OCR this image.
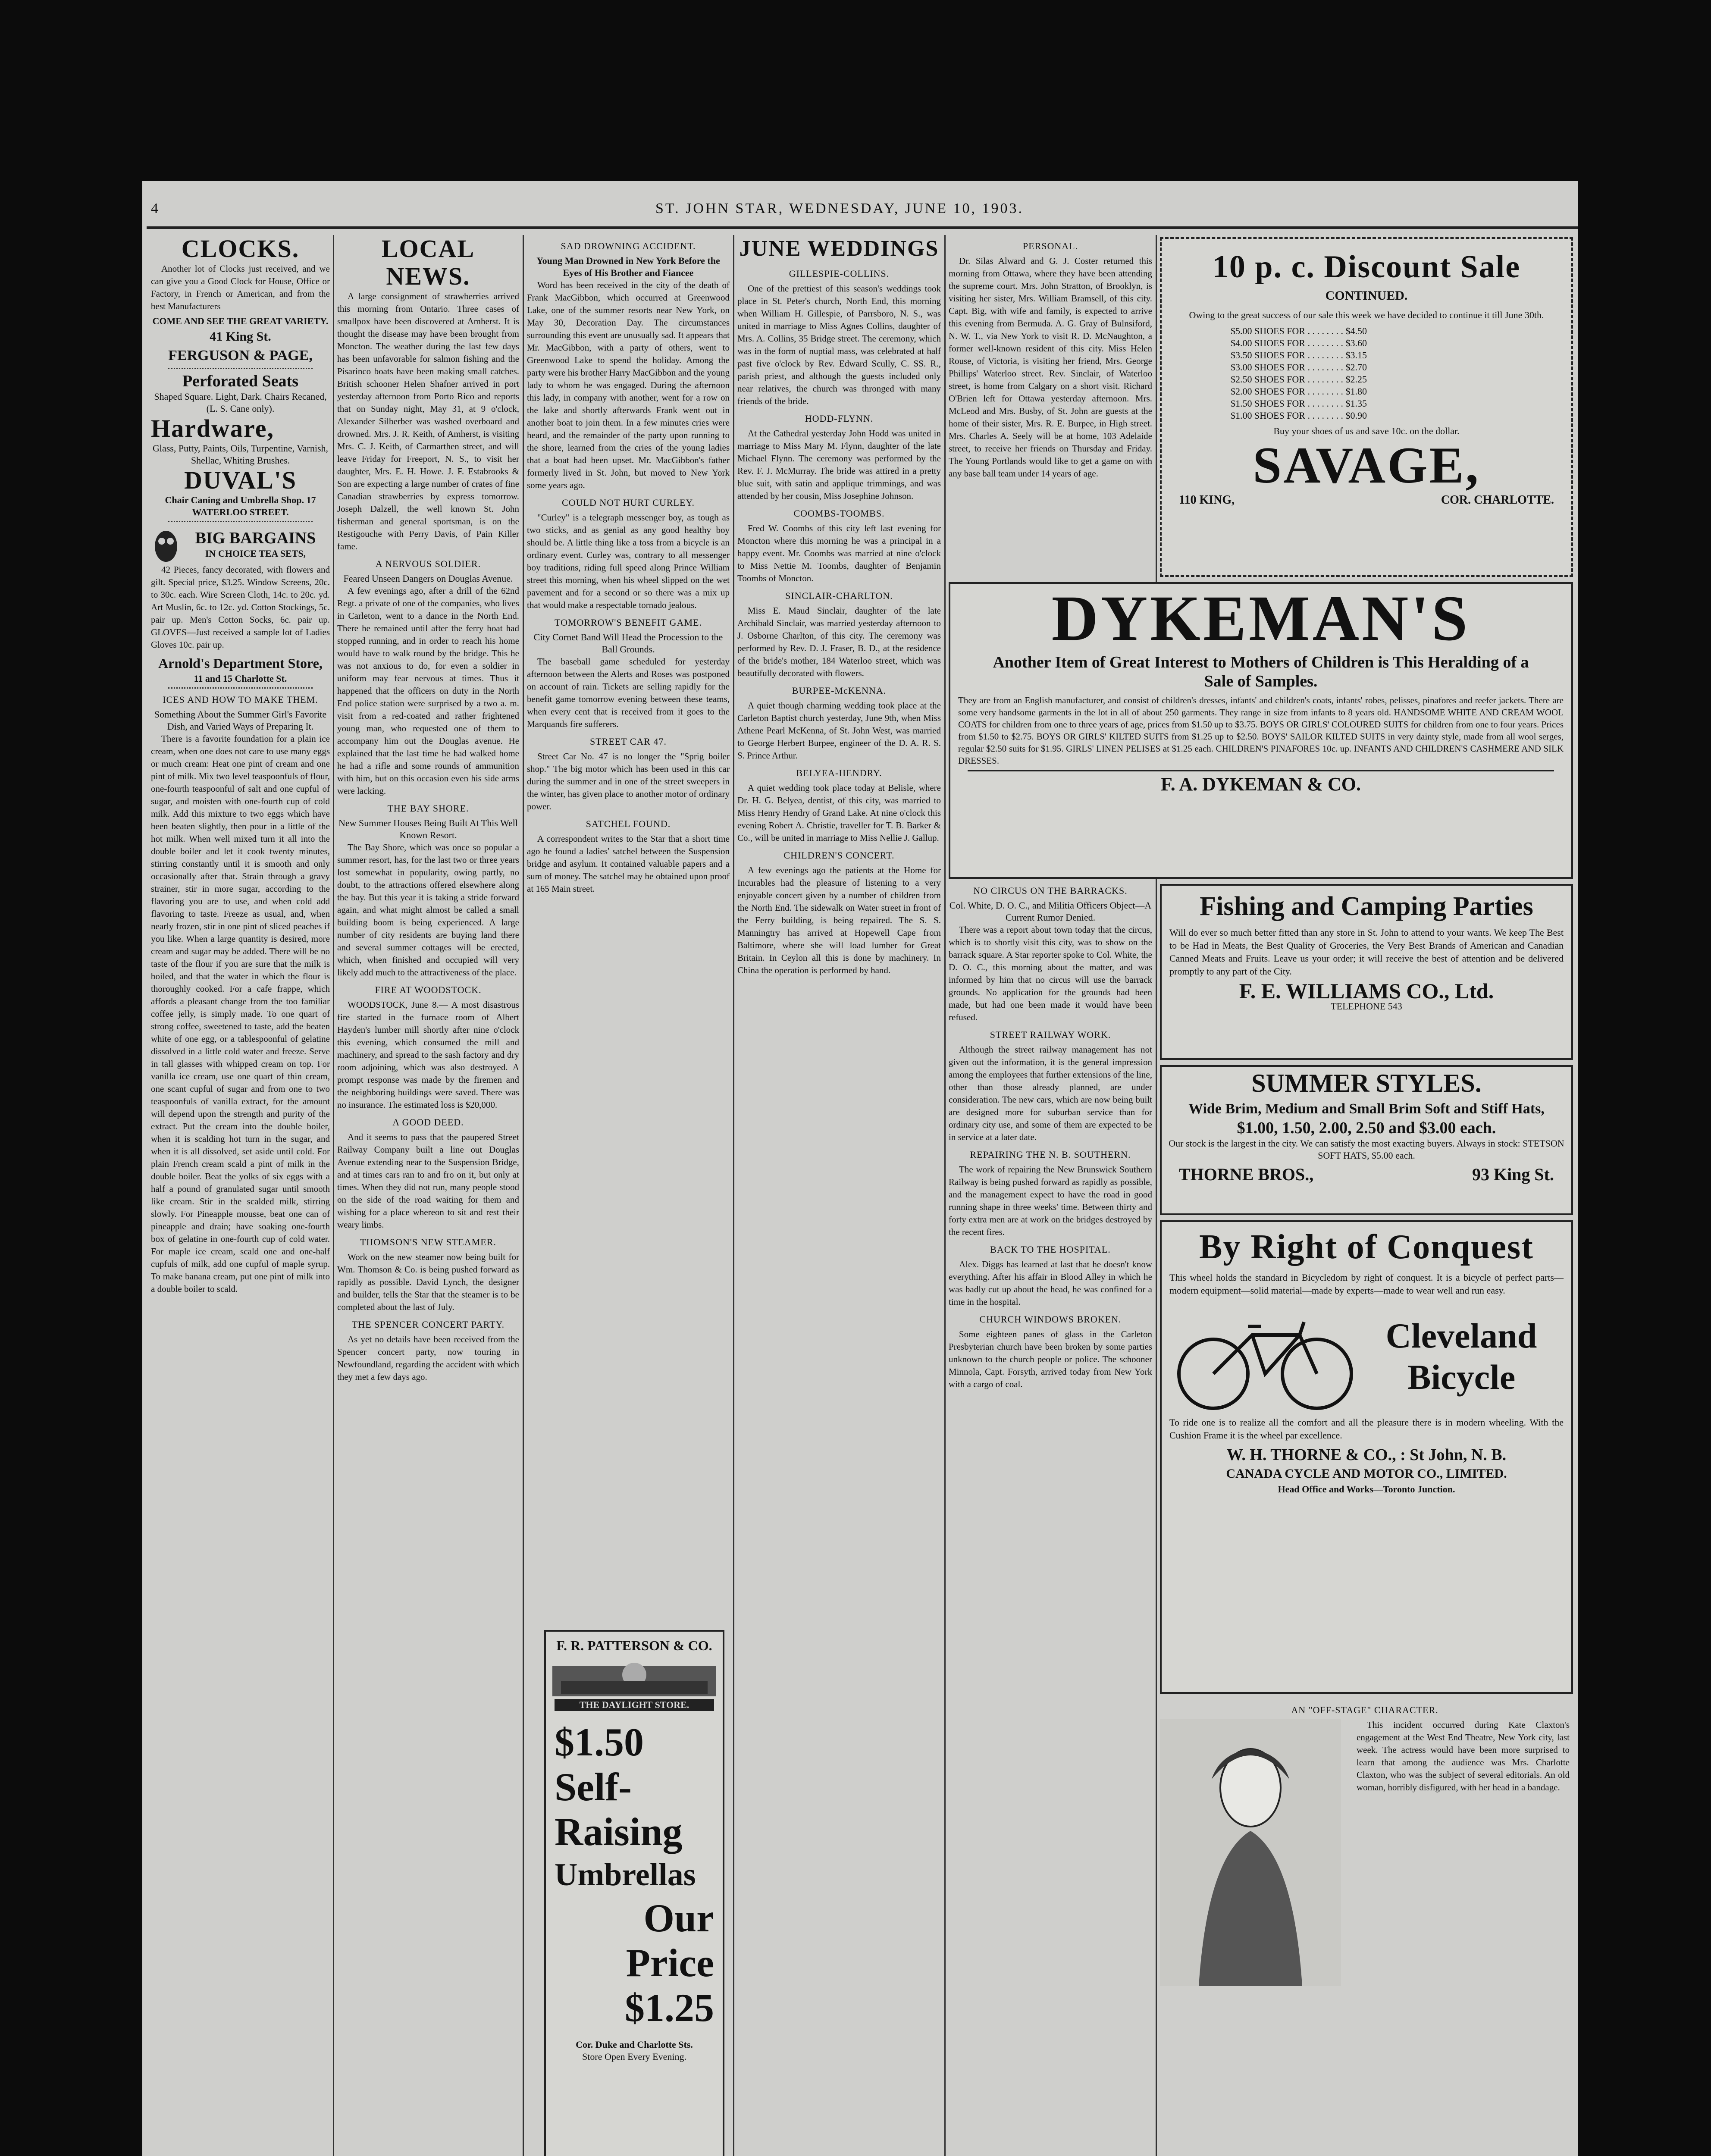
4	ST. JOHN STAR, WEDNESDAY, JUNE 10, 1903.
CLOCKS.

Another lot of Clocks just received, and we can give you a Good Clock for House, Office or Factory, in French or American, and from the best Manufacturers

COME AND SEE THE GREAT VARIETY.
41 King St.
FERGUSON & PAGE,
Perforated Seats
Shaped Square. Light, Dark. Chairs Recaned, (L. S. Cane only).
Hardware,
Glass, Putty, Paints, Oils, Turpentine, Varnish, Shellac, Whiting Brushes.
DUVAL'S
Chair Caning and Umbrella Shop. 17 WATERLOO STREET.
BIG BARGAINS
IN CHOICE TEA SETS,

42 Pieces, fancy decorated, with flowers and gilt. Special price, $3.25. Window Screens, 20c. to 30c. each. Wire Screen Cloth, 14c. to 20c. yd. Art Muslin, 6c. to 12c. yd. Cotton Stockings, 5c. pair up. Men's Cotton Socks, 6c. pair up. GLOVES—Just received a sample lot of Ladies Gloves 10c. pair up.

Arnold's Department Store,
11 and 15 Charlotte St.
ICES AND HOW TO MAKE THEM.
Something About the Summer Girl's Favorite Dish, and Varied Ways of Preparing It.

There is a favorite foundation for a plain ice cream, when one does not care to use many eggs or much cream: Heat one pint of cream and one pint of milk. Mix two level teaspoonfuls of flour, one-fourth teaspoonful of salt and one cupful of sugar, and moisten with one-fourth cup of cold milk. Add this mixture to two eggs which have been beaten slightly, then pour in a little of the hot milk. When well mixed turn it all into the double boiler and let it cook twenty minutes, stirring constantly until it is smooth and only occasionally after that. Strain through a gravy strainer, stir in more sugar, according to the flavoring you are to use, and when cold add flavoring to taste. Freeze as usual, and, when nearly frozen, stir in one pint of sliced peaches if you like. When a large quantity is desired, more cream and sugar may be added. There will be no taste of the flour if you are sure that the milk is boiled, and that the water in which the flour is thoroughly cooked. For a cafe frappe, which affords a pleasant change from the too familiar coffee jelly, is simply made. To one quart of strong coffee, sweetened to taste, add the beaten white of one egg, or a tablespoonful of gelatine dissolved in a little cold water and freeze. Serve in tall glasses with whipped cream on top. For vanilla ice cream, use one quart of thin cream, one scant cupful of sugar and from one to two teaspoonfuls of vanilla extract, for the amount will depend upon the strength and purity of the extract. Put the cream into the double boiler, when it is scalding hot turn in the sugar, and when it is all dissolved, set aside until cold. For plain French cream scald a pint of milk in the double boiler. Beat the yolks of six eggs with a half a pound of granulated sugar until smooth like cream. Stir in the scalded milk, stirring slowly. For Pineapple mousse, beat one can of pineapple and drain; have soaking one-fourth box of gelatine in one-fourth cup of cold water. For maple ice cream, scald one and one-half cupfuls of milk, add one cupful of maple syrup. To make banana cream, put one pint of milk into a double boiler to scald.

LOCAL NEWS.

A large consignment of strawberries arrived this morning from Ontario. Three cases of smallpox have been discovered at Amherst. It is thought the disease may have been brought from Moncton. The weather during the last few days has been unfavorable for salmon fishing and the Pisarinco boats have been making small catches. British schooner Helen Shafner arrived in port yesterday afternoon from Porto Rico and reports that on Sunday night, May 31, at 9 o'clock, Alexander Silberber was washed overboard and drowned. Mrs. J. R. Keith, of Amherst, is visiting Mrs. C. J. Keith, of Carmarthen street, and will leave Friday for Freeport, N. S., to visit her daughter, Mrs. E. H. Howe. J. F. Estabrooks & Son are expecting a large number of crates of fine Canadian strawberries by express tomorrow. Joseph Dalzell, the well known St. John fisherman and general sportsman, is on the Restigouche with Perry Davis, of Pain Killer fame.

A NERVOUS SOLDIER.
Feared Unseen Dangers on Douglas Avenue.

A few evenings ago, after a drill of the 62nd Regt. a private of one of the companies, who lives in Carleton, went to a dance in the North End. There he remained until after the ferry boat had stopped running, and in order to reach his home would have to walk round by the bridge. This he was not anxious to do, for even a soldier in uniform may fear nervous at times. Thus it happened that the officers on duty in the North End police station were surprised by a two a. m. visit from a red-coated and rather frightened young man, who requested one of them to accompany him out the Douglas avenue. He explained that the last time he had walked home he had a rifle and some rounds of ammunition with him, but on this occasion even his side arms were lacking.

THE BAY SHORE.
New Summer Houses Being Built At This Well Known Resort.

The Bay Shore, which was once so popular a summer resort, has, for the last two or three years lost somewhat in popularity, owing partly, no doubt, to the attractions offered elsewhere along the bay. But this year it is taking a stride forward again, and what might almost be called a small building boom is being experienced. A large number of city residents are buying land there and several summer cottages will be erected, which, when finished and occupied will very likely add much to the attractiveness of the place.

FIRE AT WOODSTOCK.

WOODSTOCK, June 8.— A most disastrous fire started in the furnace room of Albert Hayden's lumber mill shortly after nine o'clock this evening, which consumed the mill and machinery, and spread to the sash factory and dry room adjoining, which was also destroyed. A prompt response was made by the firemen and the neighboring buildings were saved. There was no insurance. The estimated loss is $20,000.

A GOOD DEED.

And it seems to pass that the paupered Street Railway Company built a line out Douglas Avenue extending near to the Suspension Bridge, and at times cars ran to and fro on it, but only at times. When they did not run, many people stood on the side of the road waiting for them and wishing for a place whereon to sit and rest their weary limbs.

THOMSON'S NEW STEAMER.

Work on the new steamer now being built for Wm. Thomson & Co. is being pushed forward as rapidly as possible. David Lynch, the designer and builder, tells the Star that the steamer is to be completed about the last of July.

THE SPENCER CONCERT PARTY.

As yet no details have been received from the Spencer concert party, now touring in Newfoundland, regarding the accident with which they met a few days ago.

SAD DROWNING ACCIDENT.
Young Man Drowned in New York Before the Eyes of His Brother and Fiancee

Word has been received in the city of the death of Frank MacGibbon, which occurred at Greenwood Lake, one of the summer resorts near New York, on May 30, Decoration Day. The circumstances surrounding this event are unusually sad. It appears that Mr. MacGibbon, with a party of others, went to Greenwood Lake to spend the holiday. Among the party were his brother Harry MacGibbon and the young lady to whom he was engaged. During the afternoon this lady, in company with another, went for a row on the lake and shortly afterwards Frank went out in another boat to join them. In a few minutes cries were heard, and the remainder of the party upon running to the shore, learned from the cries of the young ladies that a boat had been upset. Mr. MacGibbon's father formerly lived in St. John, but moved to New York some years ago.

COULD NOT HURT CURLEY.

"Curley" is a telegraph messenger boy, as tough as two sticks, and as genial as any good healthy boy should be. A little thing like a toss from a bicycle is an ordinary event. Curley was, contrary to all messenger boy traditions, riding full speed along Prince William street this morning, when his wheel slipped on the wet pavement and for a second or so there was a mix up that would make a respectable tornado jealous.

TOMORROW'S BENEFIT GAME.
City Cornet Band Will Head the Procession to the Ball Grounds.

The baseball game scheduled for yesterday afternoon between the Alerts and Roses was postponed on account of rain. Tickets are selling rapidly for the benefit game tomorrow evening between these teams, when every cent that is received from it goes to the Marquands fire sufferers.

STREET CAR 47.

Street Car No. 47 is no longer the "Sprig boiler shop." The big motor which has been used in this car during the summer and in one of the street sweepers in the winter, has given place to another motor of ordinary power.

SATCHEL FOUND.

A correspondent writes to the Star that a short time ago he found a ladies' satchel between the Suspension bridge and asylum. It contained valuable papers and a sum of money. The satchel may be obtained upon proof at 165 Main street.

F. R. PATTERSON & CO.
THE DAYLIGHT STORE.
$1.50
Self-
Raising
Umbrellas
Our
Price
$1.25
Cor. Duke and Charlotte Sts.
Store Open Every Evening.
JUNE WEDDINGS
GILLESPIE-COLLINS.

One of the prettiest of this season's weddings took place in St. Peter's church, North End, this morning when William H. Gillespie, of Parrsboro, N. S., was united in marriage to Miss Agnes Collins, daughter of Mrs. A. Collins, 35 Bridge street. The ceremony, which was in the form of nuptial mass, was celebrated at half past five o'clock by Rev. Edward Scully, C. SS. R., parish priest, and although the guests included only near relatives, the church was thronged with many friends of the bride.

HODD-FLYNN.

At the Cathedral yesterday John Hodd was united in marriage to Miss Mary M. Flynn, daughter of the late Michael Flynn. The ceremony was performed by the Rev. F. J. McMurray. The bride was attired in a pretty blue suit, with satin and applique trimmings, and was attended by her cousin, Miss Josephine Johnson.

COOMBS-TOOMBS.

Fred W. Coombs of this city left last evening for Moncton where this morning he was a principal in a happy event. Mr. Coombs was married at nine o'clock to Miss Nettie M. Toombs, daughter of Benjamin Toombs of Moncton.

SINCLAIR-CHARLTON.

Miss E. Maud Sinclair, daughter of the late Archibald Sinclair, was married yesterday afternoon to J. Osborne Charlton, of this city. The ceremony was performed by Rev. D. J. Fraser, B. D., at the residence of the bride's mother, 184 Waterloo street, which was beautifully decorated with flowers.

BURPEE-McKENNA.

A quiet though charming wedding took place at the Carleton Baptist church yesterday, June 9th, when Miss Athene Pearl McKenna, of St. John West, was married to George Herbert Burpee, engineer of the D. A. R. S. S. Prince Arthur.

BELYEA-HENDRY.

A quiet wedding took place today at Belisle, where Dr. H. G. Belyea, dentist, of this city, was married to Miss Henry Hendry of Grand Lake. At nine o'clock this evening Robert A. Christie, traveller for T. B. Barker & Co., will be united in marriage to Miss Nellie J. Gallup.

CHILDREN'S CONCERT.

A few evenings ago the patients at the Home for Incurables had the pleasure of listening to a very enjoyable concert given by a number of children from the North End. The sidewalk on Water street in front of the Ferry building, is being repaired. The S. S. Manningtry has arrived at Hopewell Cape from Baltimore, where she will load lumber for Great Britain. In Ceylon all this is done by machinery. In China the operation is performed by hand.

PERSONAL.

Dr. Silas Alward and G. J. Coster returned this morning from Ottawa, where they have been attending the supreme court. Mrs. John Stratton, of Brooklyn, is visiting her sister, Mrs. William Bramsell, of this city. Capt. Big, with wife and family, is expected to arrive this evening from Bermuda. A. G. Gray of Bulnsiford, N. W. T., via New York to visit R. D. McNaughton, a former well-known resident of this city. Miss Helen Rouse, of Victoria, is visiting her friend, Mrs. George Phillips' Waterloo street. Rev. Sinclair, of Waterloo street, is home from Calgary on a short visit. Richard O'Brien left for Ottawa yesterday afternoon. Mrs. McLeod and Mrs. Busby, of St. John are guests at the home of their sister, Mrs. R. E. Burpee, in High street. Mrs. Charles A. Seely will be at home, 103 Adelaide street, to receive her friends on Thursday and Friday. The Young Portlands would like to get a game on with any base ball team under 14 years of age.

NO CIRCUS ON THE BARRACKS.
Col. White, D. O. C., and Militia Officers Object—A Current Rumor Denied.

There was a report about town today that the circus, which is to shortly visit this city, was to show on the barrack square. A Star reporter spoke to Col. White, the D. O. C., this morning about the matter, and was informed by him that no circus will use the barrack grounds. No application for the grounds had been made, but had one been made it would have been refused.

STREET RAILWAY WORK.

Although the street railway management has not given out the information, it is the general impression among the employees that further extensions of the line, other than those already planned, are under consideration. The new cars, which are now being built are designed more for suburban service than for ordinary city use, and some of them are expected to be in service at a later date.

REPAIRING THE N. B. SOUTHERN.

The work of repairing the New Brunswick Southern Railway is being pushed forward as rapidly as possible, and the management expect to have the road in good running shape in three weeks' time. Between thirty and forty extra men are at work on the bridges destroyed by the recent fires.

BACK TO THE HOSPITAL.

Alex. Diggs has learned at last that he doesn't know everything. After his affair in Blood Alley in which he was badly cut up about the head, he was confined for a time in the hospital.

CHURCH WINDOWS BROKEN.

Some eighteen panes of glass in the Carleton Presbyterian church have been broken by some parties unknown to the church people or police. The schooner Minnola, Capt. Forsyth, arrived today from New York with a cargo of coal.

10 p. c. Discount Sale
CONTINUED.
Owing to the great success of our sale this week we have decided to continue it till June 30th.
$5.00 SHOES FOR . . . . . . . . $4.50
$4.00 SHOES FOR . . . . . . . . $3.60
$3.50 SHOES FOR . . . . . . . . $3.15
$3.00 SHOES FOR . . . . . . . . $2.70
$2.50 SHOES FOR . . . . . . . . $2.25
$2.00 SHOES FOR . . . . . . . . $1.80
$1.50 SHOES FOR . . . . . . . . $1.35
$1.00 SHOES FOR . . . . . . . . $0.90
Buy your shoes of us and save 10c. on the dollar.
SAVAGE,
110 KING,	COR. CHARLOTTE.
DYKEMAN'S
Another Item of Great Interest to Mothers of Children is This Heralding of a Sale of Samples.
They are from an English manufacturer, and consist of children's dresses, infants' and children's coats, infants' robes, pelisses, pinafores and reefer jackets. There are some very handsome garments in the lot in all of about 250 garments. They range in size from infants to 8 years old. HANDSOME WHITE AND CREAM WOOL COATS for children from one to three years of age, prices from $1.50 up to $3.75. BOYS OR GIRLS' COLOURED SUITS for children from one to four years. Prices from $1.50 to $2.75. BOYS OR GIRLS' KILTED SUITS from $1.25 up to $2.50. BOYS' SAILOR KILTED SUITS in very dainty style, made from all wool serges, regular $2.50 suits for $1.95. GIRLS' LINEN PELISES at $1.25 each. CHILDREN'S PINAFORES 10c. up. INFANTS AND CHILDREN'S CASHMERE AND SILK DRESSES.
F. A. DYKEMAN & CO.
Fishing and Camping Parties
Will do ever so much better fitted than any store in St. John to attend to your wants. We keep The Best to be Had in Meats, the Best Quality of Groceries, the Very Best Brands of American and Canadian Canned Meats and Fruits. Leave us your order; it will receive the best of attention and be delivered promptly to any part of the City.
F. E. WILLIAMS CO., Ltd.
TELEPHONE 543
SUMMER STYLES.
Wide Brim, Medium and Small Brim Soft and Stiff Hats,
$1.00, 1.50, 2.00, 2.50 and $3.00 each.
Our stock is the largest in the city. We can satisfy the most exacting buyers. Always in stock: STETSON SOFT HATS, $5.00 each.
THORNE BROS.,	93 King St.
By Right of Conquest
This wheel holds the standard in Bicycledom by right of conquest. It is a bicycle of perfect parts—modern equipment—solid material—made by experts—made to wear well and run easy.
Cleveland
Bicycle
To ride one is to realize all the comfort and all the pleasure there is in modern wheeling. With the Cushion Frame it is the wheel par excellence.
W. H. THORNE & CO., : St John, N. B.
CANADA CYCLE AND MOTOR CO., LIMITED.
Head Office and Works—Toronto Junction.
AN "OFF-STAGE" CHARACTER.

This incident occurred during Kate Claxton's engagement at the West End Theatre, New York city, last week. The actress would have been more surprised to learn that among the audience was Mrs. Charlotte Claxton, who was the subject of several editorials. An old woman, horribly disfigured, with her head in a bandage.
